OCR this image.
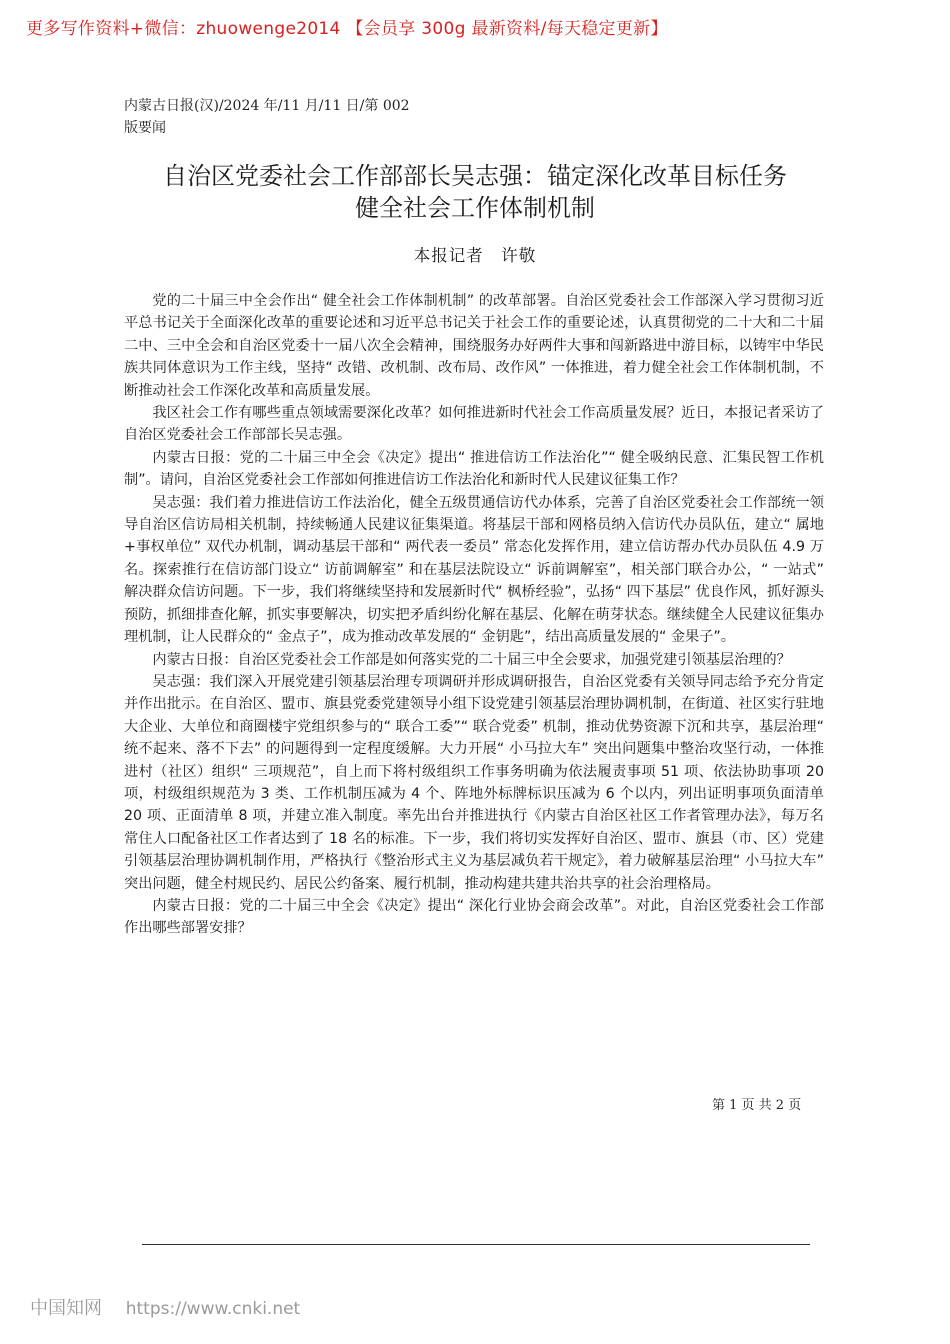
更多写作资料+微信：zhuowenge2014 【会员享 300g 最新资料/每天稳定更新】
内蒙古日报(汉)/2024 年/11 月/11 日/第 002
版要闻
自治区党委社会工作部部长吴志强：锚定深化改革目标任务
健全社会工作体制机制
本报记者　许敬

党的二十届三中全会作出“ 健全社会工作体制机制” 的改革部署。自治区党委社会工作部深入学习贯彻习近平总书记关于全面深化改革的重要论述和习近平总书记关于社会工作的重要论述，认真贯彻党的二十大和二十届二中、三中全会和自治区党委十一届八次全会精神，围绕服务办好两件大事和闯新路进中游目标，以铸牢中华民族共同体意识为工作主线，坚持“ 改错、改机制、改布局、改作风” 一体推进，着力健全社会工作体制机制，不断推动社会工作深化改革和高质量发展。

我区社会工作有哪些重点领域需要深化改革？如何推进新时代社会工作高质量发展？近日，本报记者采访了自治区党委社会工作部部长吴志强。

内蒙古日报：党的二十届三中全会《决定》提出“ 推进信访工作法治化”“ 健全吸纳民意、汇集民智工作机制”。请问，自治区党委社会工作部如何推进信访工作法治化和新时代人民建议征集工作？

吴志强：我们着力推进信访工作法治化，健全五级贯通信访代办体系，完善了自治区党委社会工作部统一领导自治区信访局相关机制，持续畅通人民建议征集渠道。将基层干部和网格员纳入信访代办员队伍，建立“ 属地+事权单位” 双代办机制，调动基层干部和“ 两代表一委员” 常态化发挥作用，建立信访帮办代办员队伍 4.9 万名。探索推行在信访部门设立“ 访前调解室” 和在基层法院设立“ 诉前调解室”，相关部门联合办公，“ 一站式” 解决群众信访问题。下一步，我们将继续坚持和发展新时代“ 枫桥经验”，弘扬“ 四下基层” 优良作风，抓好源头预防，抓细排查化解，抓实事要解决，切实把矛盾纠纷化解在基层、化解在萌芽状态。继续健全人民建议征集办理机制，让人民群众的“ 金点子”，成为推动改革发展的“ 金钥匙”，结出高质量发展的“ 金果子”。

内蒙古日报：自治区党委社会工作部是如何落实党的二十届三中全会要求，加强党建引领基层治理的？

吴志强：我们深入开展党建引领基层治理专项调研并形成调研报告，自治区党委有关领导同志给予充分肯定并作出批示。在自治区、盟市、旗县党委党建领导小组下设党建引领基层治理协调机制，在街道、社区实行驻地大企业、大单位和商圈楼宇党组织参与的“ 联合工委”“ 联合党委” 机制，推动优势资源下沉和共享，基层治理“ 统不起来、落不下去” 的问题得到一定程度缓解。大力开展“ 小马拉大车” 突出问题集中整治攻坚行动，一体推进村（社区）组织“ 三项规范”，自上而下将村级组织工作事务明确为依法履责事项 51 项、依法协助事项 20 项，村级组织规范为 3 类、工作机制压减为 4 个、阵地外标牌标识压减为 6 个以内，列出证明事项负面清单 20 项、正面清单 8 项，并建立准入制度。率先出台并推进执行《内蒙古自治区社区工作者管理办法》，每万名常住人口配备社区工作者达到了 18 名的标准。下一步，我们将切实发挥好自治区、盟市、旗县（市、区）党建引领基层治理协调机制作用，严格执行《整治形式主义为基层减负若干规定》，着力破解基层治理“ 小马拉大车” 突出问题，健全村规民约、居民公约备案、履行机制，推动构建共建共治共享的社会治理格局。

内蒙古日报：党的二十届三中全会《决定》提出“ 深化行业协会商会改革”。对此，自治区党委社会工作部作出哪些部署安排？

第 1 页 共 2 页
中国知网 https://www.cnki.net
